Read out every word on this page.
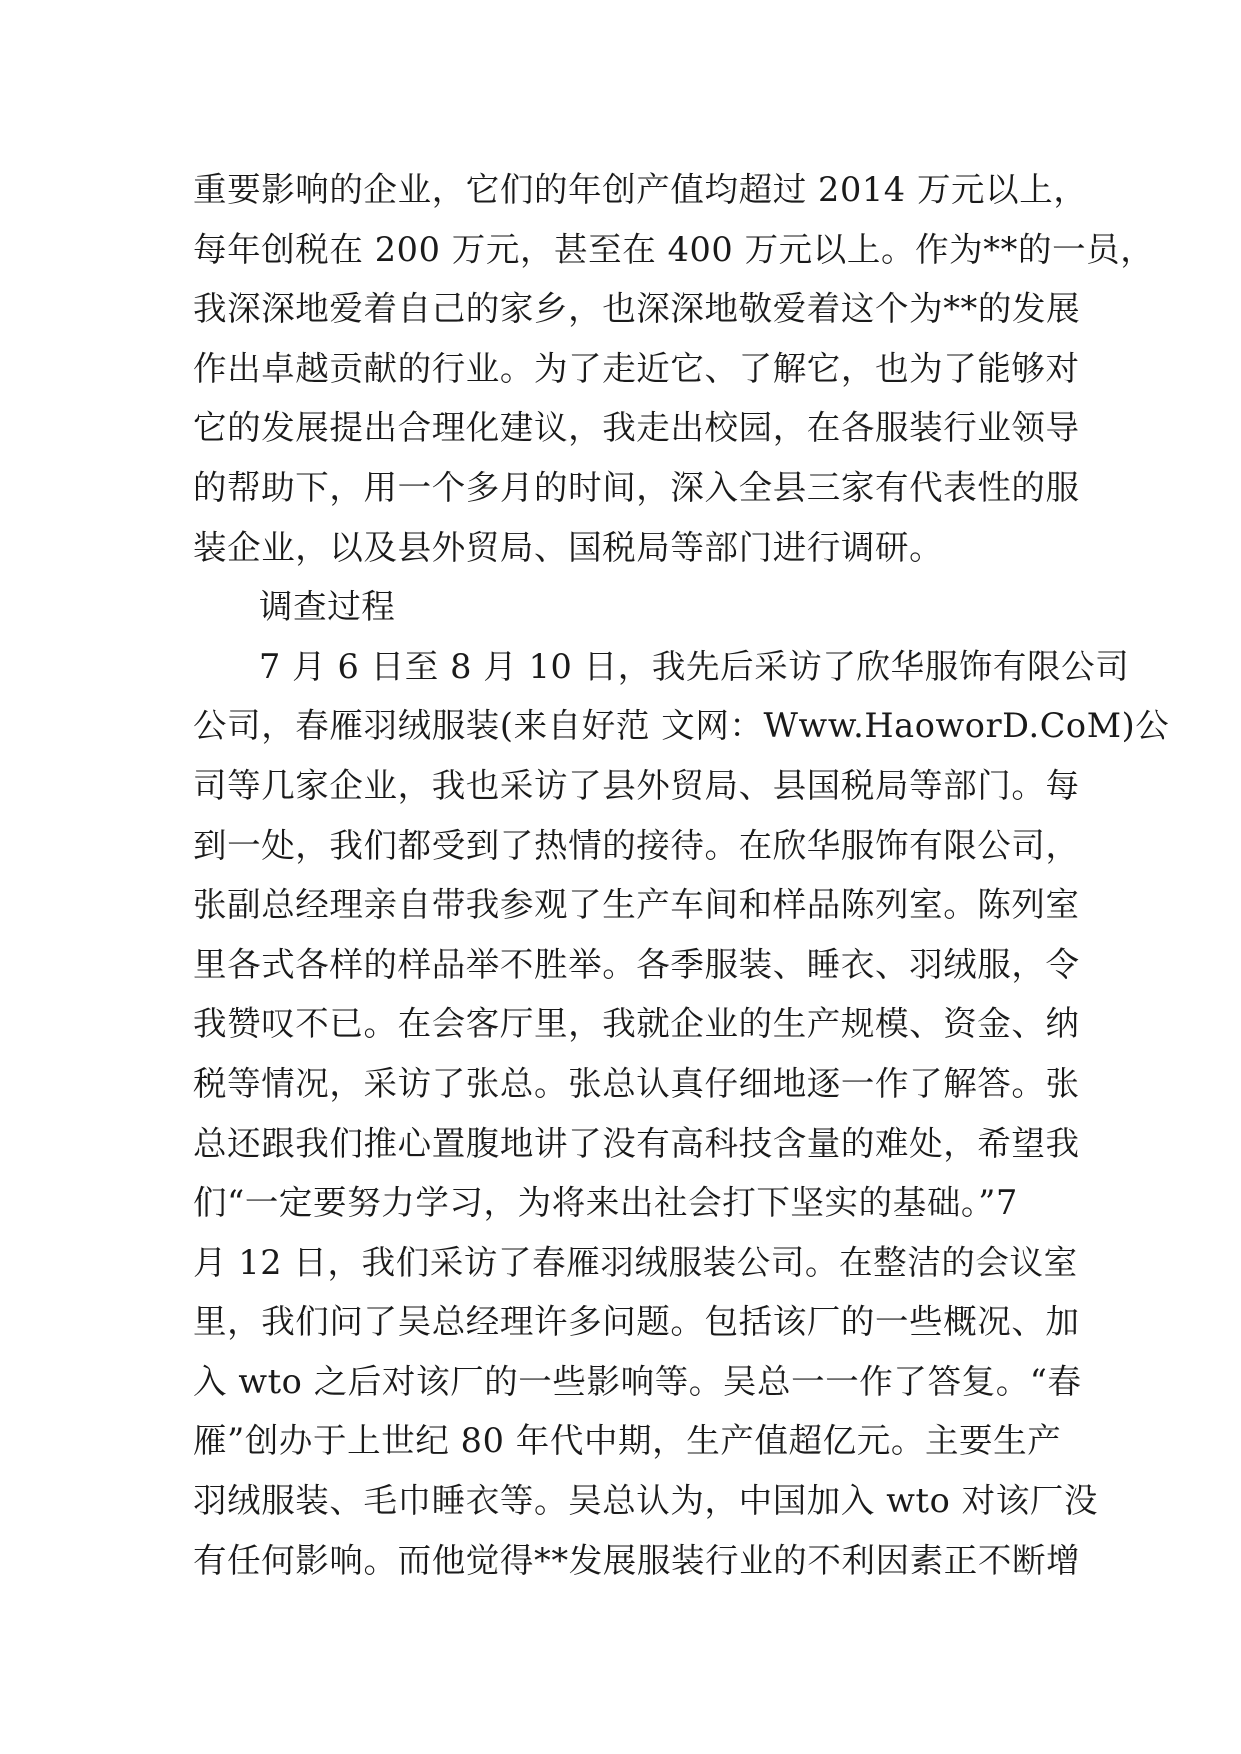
重要影响的企业，它们的年创产值均超过 2014 万元以上，
每年创税在 200 万元，甚至在 400 万元以上。作为**的一员，
我深深地爱着自己的家乡，也深深地敬爱着这个为**的发展
作出卓越贡献的行业。为了走近它、了解它，也为了能够对
它的发展提出合理化建议，我走出校园，在各服装行业领导
的帮助下，用一个多月的时间，深入全县三家有代表性的服
装企业，以及县外贸局、国税局等部门进行调研。
调查过程
7 月 6 日至 8 月 10 日，我先后采访了欣华服饰有限公司
公司，春雁羽绒服装(来自好范 文网：Www.HaoworD.CoM)公
司等几家企业，我也采访了县外贸局、县国税局等部门。每
到一处，我们都受到了热情的接待。在欣华服饰有限公司，
张副总经理亲自带我参观了生产车间和样品陈列室。陈列室
里各式各样的样品举不胜举。各季服装、睡衣、羽绒服，令
我赞叹不已。在会客厅里，我就企业的生产规模、资金、纳
税等情况，采访了张总。张总认真仔细地逐一作了解答。张
总还跟我们推心置腹地讲了没有高科技含量的难处，希望我
们“一定要努力学习，为将来出社会打下坚实的基础。”7
月 12 日，我们采访了春雁羽绒服装公司。在整洁的会议室
里，我们问了吴总经理许多问题。包括该厂的一些概况、加
入 wto 之后对该厂的一些影响等。吴总一一作了答复。“春
雁”创办于上世纪 80 年代中期，生产值超亿元。主要生产
羽绒服装、毛巾睡衣等。吴总认为，中国加入 wto 对该厂没
有任何影响。而他觉得**发展服装行业的不利因素正不断增
